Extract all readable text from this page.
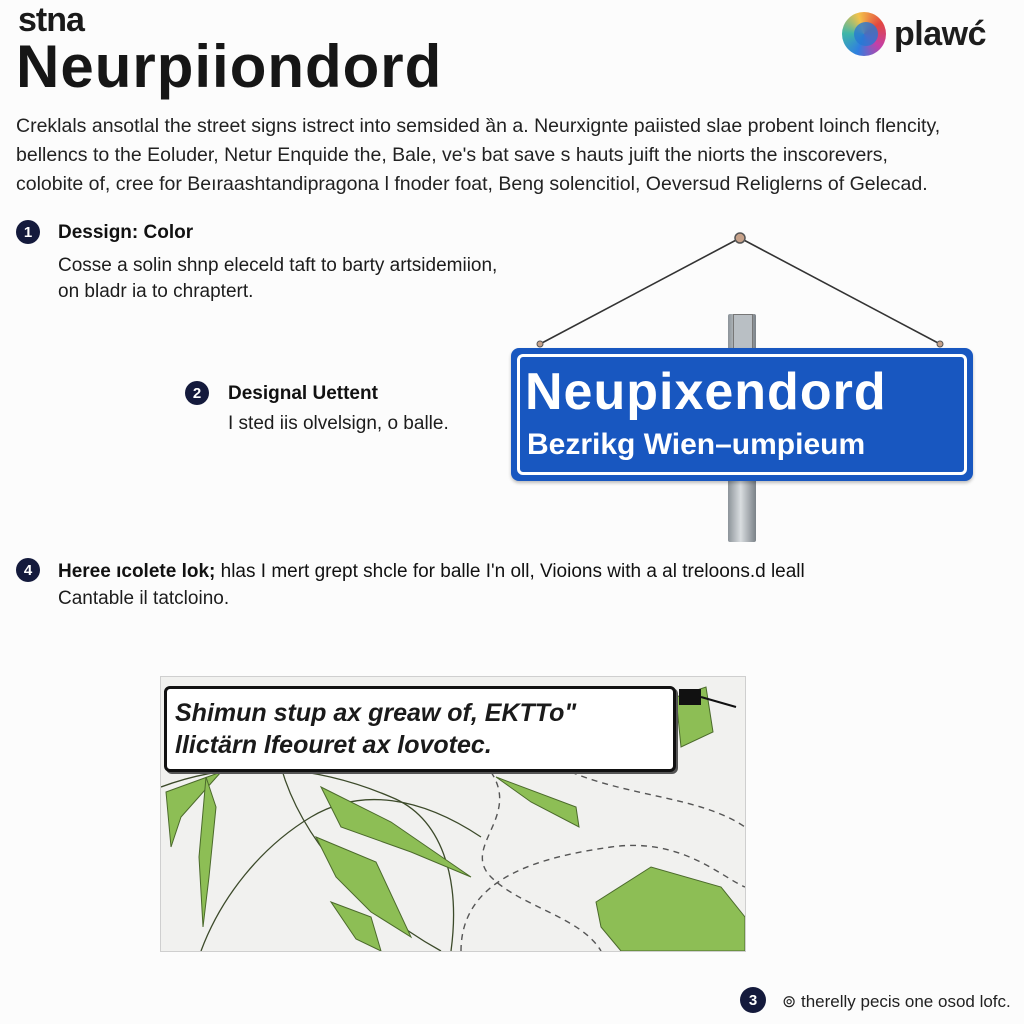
stna
Neurpiiondord	plawć
Creklals ansotlal the street signs istrect into semsided ȁn a. Neurxignte paiisted slae probent loinch flencity,
bellencs to the Eoluder, Netur Enquide the, Bale, ve's bat save s hauts juift the niorts the inscorevers,
colobite of, cree for Beıraashtandipragona l fnoder foat, Beng solencitiol, Oeversud Religlerns of Gelecad.
1	Dessign: Color
Cosse a solin shnp eleceld taft to barty artsidemiion,
on bladr ia to chraptert.
2	Designal Uettent
I sted iis olvelsign, o balle.
4	Heree ıcolete lok; hlas I mert grept shcle for balle I'n oll, Vioions with a al treloons.d leall
Cantable il tatcloino.
Neupixendord
Bezrikg Wien–umpieum
Shimun stup ax greaw of, EKTTo"
llictärn lfeouret ax lovotec.
3	⊚ therelly pecis one osod lofc.
